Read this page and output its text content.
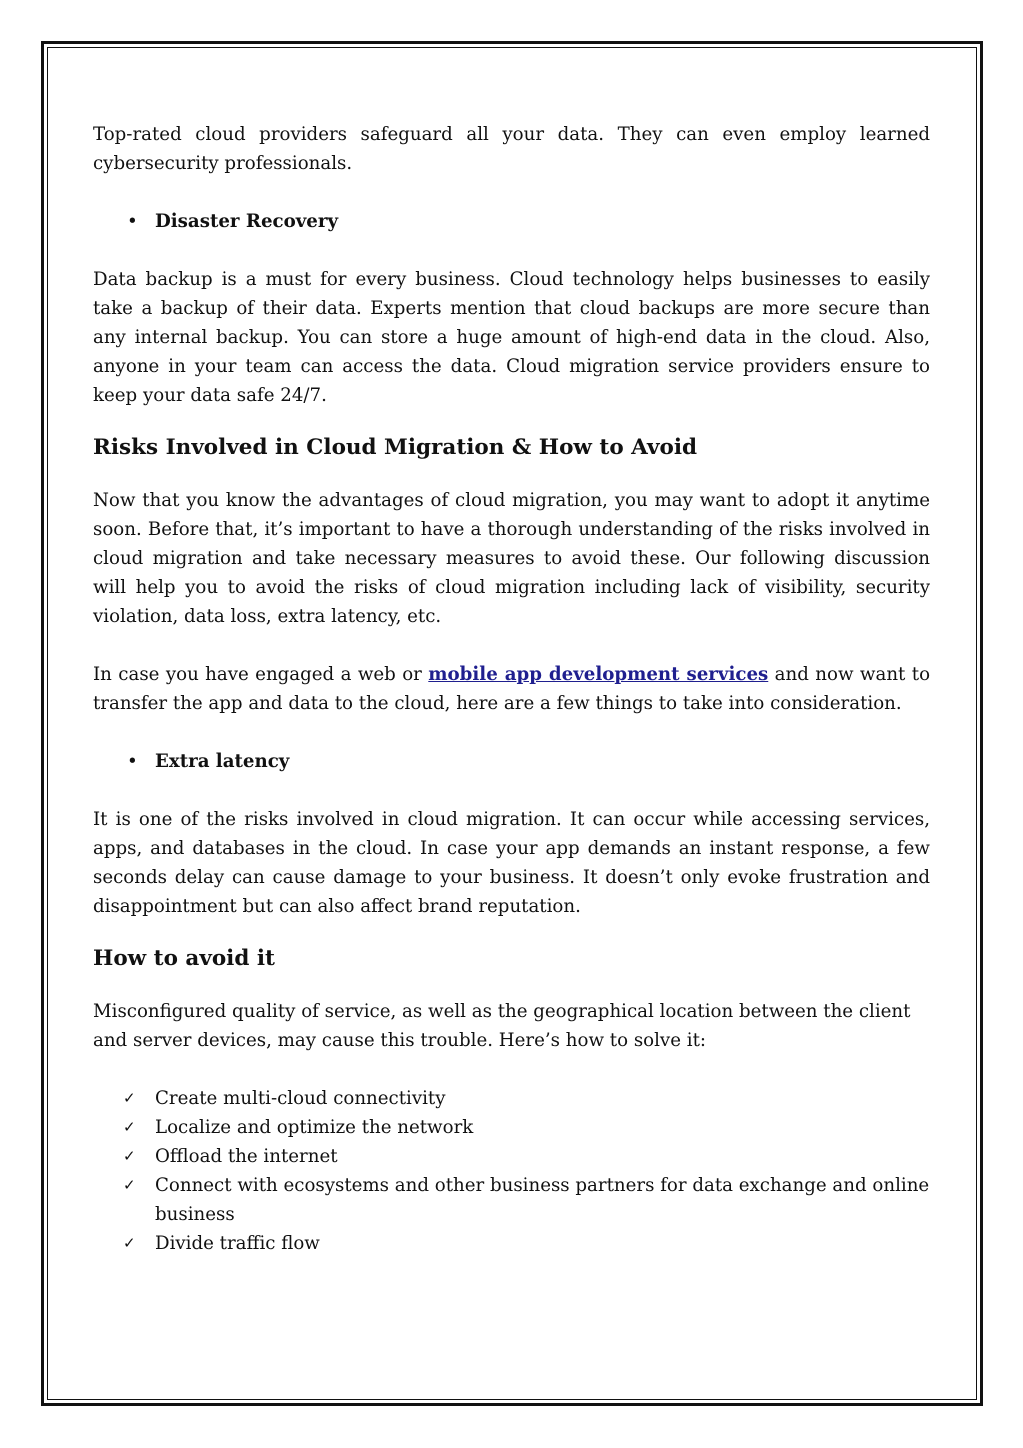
Top-rated cloud providers safeguard all your data. They can even employ learned cybersecurity professionals.

• Disaster Recovery

Data backup is a must for every business. Cloud technology helps businesses to easily take a backup of their data. Experts mention that cloud backups are more secure than any internal backup. You can store a huge amount of high-end data in the cloud. Also, anyone in your team can access the data. Cloud migration service providers ensure to keep your data safe 24/7.

Risks Involved in Cloud Migration & How to Avoid

Now that you know the advantages of cloud migration, you may want to adopt it anytime soon. Before that, it’s important to have a thorough understanding of the risks involved in cloud migration and take necessary measures to avoid these. Our following discussion will help you to avoid the risks of cloud migration including lack of visibility, security violation, data loss, extra latency, etc.

In case you have engaged a web or mobile app development services and now want to transfer the app and data to the cloud, here are a few things to take into consideration.

• Extra latency

It is one of the risks involved in cloud migration. It can occur while accessing services, apps, and databases in the cloud. In case your app demands an instant response, a few seconds delay can cause damage to your business. It doesn’t only evoke frustration and disappointment but can also affect brand reputation.

How to avoid it

Misconfigured quality of service, as well as the geographical location between the client and server devices, may cause this trouble. Here’s how to solve it:

✓ Create multi-cloud connectivity
✓ Localize and optimize the network
✓ Offload the internet
✓ Connect with ecosystems and other business partners for data exchange and online business
✓ Divide traffic flow
